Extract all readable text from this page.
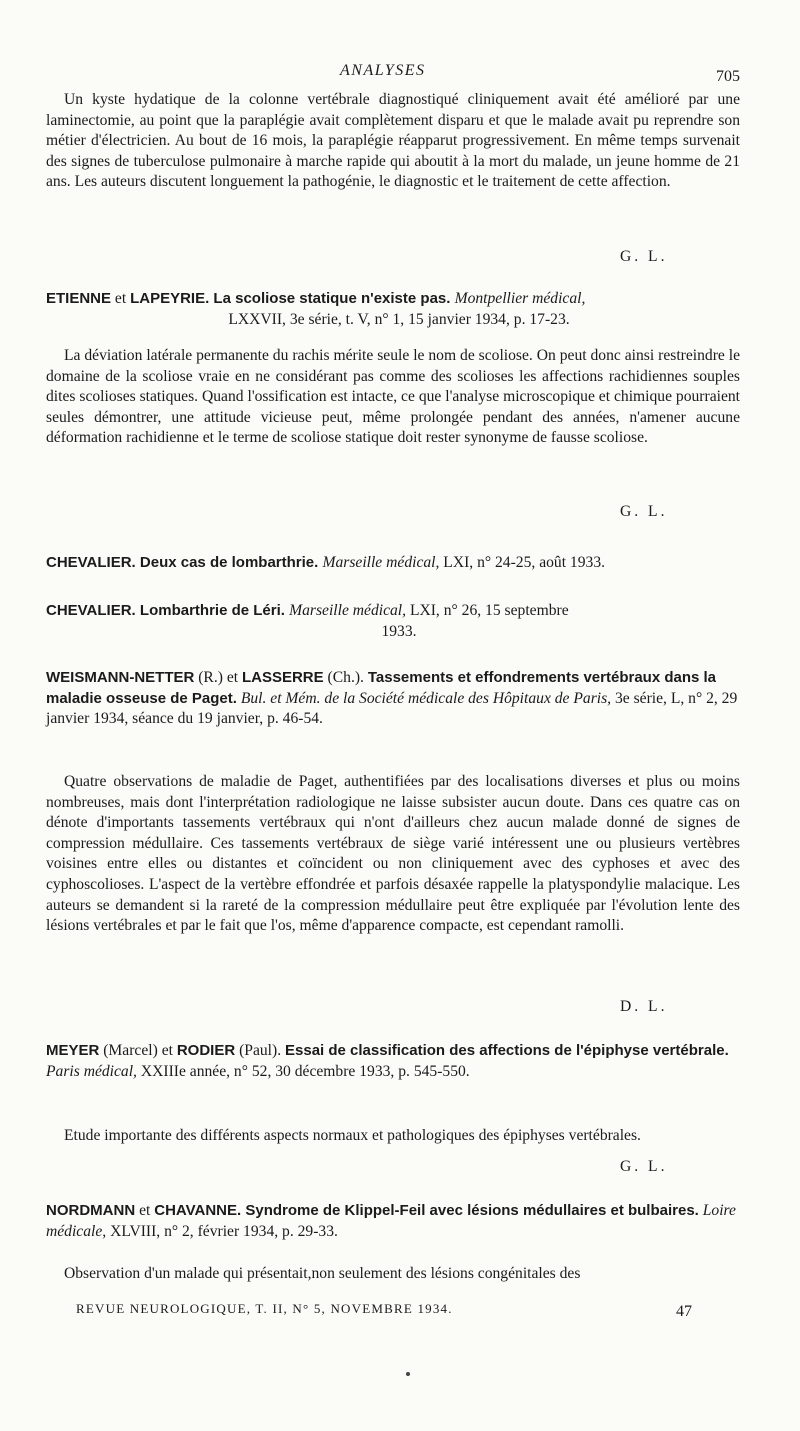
ANALYSES	705
Un kyste hydatique de la colonne vertébrale diagnostiqué cliniquement avait été amélioré par une laminectomie, au point que la paraplégie avait complètement disparu et que le malade avait pu reprendre son métier d'électricien. Au bout de 16 mois, la paraplégie réapparut progressivement. En même temps survenait des signes de tuberculose pulmonaire à marche rapide qui aboutit à la mort du malade, un jeune homme de 21 ans. Les auteurs discutent longuement la pathogénie, le diagnostic et le traitement de cette affection.
G. L.
ETIENNE et LAPEYRIE. La scoliose statique n'existe pas. Montpellier médical,
LXXVII, 3e série, t. V, n° 1, 15 janvier 1934, p. 17-23.
La déviation latérale permanente du rachis mérite seule le nom de scoliose. On peut donc ainsi restreindre le domaine de la scoliose vraie en ne considérant pas comme des scolioses les affections rachidiennes souples dites scolioses statiques. Quand l'ossification est intacte, ce que l'analyse microscopique et chimique pourraient seules démontrer, une attitude vicieuse peut, même prolongée pendant des années, n'amener aucune déformation rachidienne et le terme de scoliose statique doit rester synonyme de fausse scoliose.
G. L.
CHEVALIER. Deux cas de lombarthrie. Marseille médical, LXI, n° 24-25, août 1933.
CHEVALIER. Lombarthrie de Léri. Marseille médical, LXI, n° 26, 15 septembre
1933.
WEISMANN-NETTER (R.) et LASSERRE (Ch.). Tassements et effondrements vertébraux dans la maladie osseuse de Paget. Bul. et Mém. de la Société médicale des Hôpitaux de Paris, 3e série, L, n° 2, 29 janvier 1934, séance du 19 janvier, p. 46-54.
Quatre observations de maladie de Paget, authentifiées par des localisations diverses et plus ou moins nombreuses, mais dont l'interprétation radiologique ne laisse subsister aucun doute. Dans ces quatre cas on dénote d'importants tassements vertébraux qui n'ont d'ailleurs chez aucun malade donné de signes de compression médullaire. Ces tassements vertébraux de siège varié intéressent une ou plusieurs vertèbres voisines entre elles ou distantes et coïncident ou non cliniquement avec des cyphoses et avec des cyphoscolioses. L'aspect de la vertèbre effondrée et parfois désaxée rappelle la platyspondylie malacique. Les auteurs se demandent si la rareté de la compression médullaire peut être expliquée par l'évolution lente des lésions vertébrales et par le fait que l'os, même d'apparence compacte, est cependant ramolli.
D. L.
MEYER (Marcel) et RODIER (Paul). Essai de classification des affections de l'épiphyse vertébrale. Paris médical, XXIIIe année, n° 52, 30 décembre 1933, p. 545-550.
Etude importante des différents aspects normaux et pathologiques des épiphyses vertébrales.
G. L.
NORDMANN et CHAVANNE. Syndrome de Klippel-Feil avec lésions médullaires et bulbaires. Loire médicale, XLVIII, n° 2, février 1934, p. 29-33.
Observation d'un malade qui présentait,non seulement des lésions congénitales des
REVUE NEUROLOGIQUE, T. II, N° 5, NOVEMBRE 1934.	47
